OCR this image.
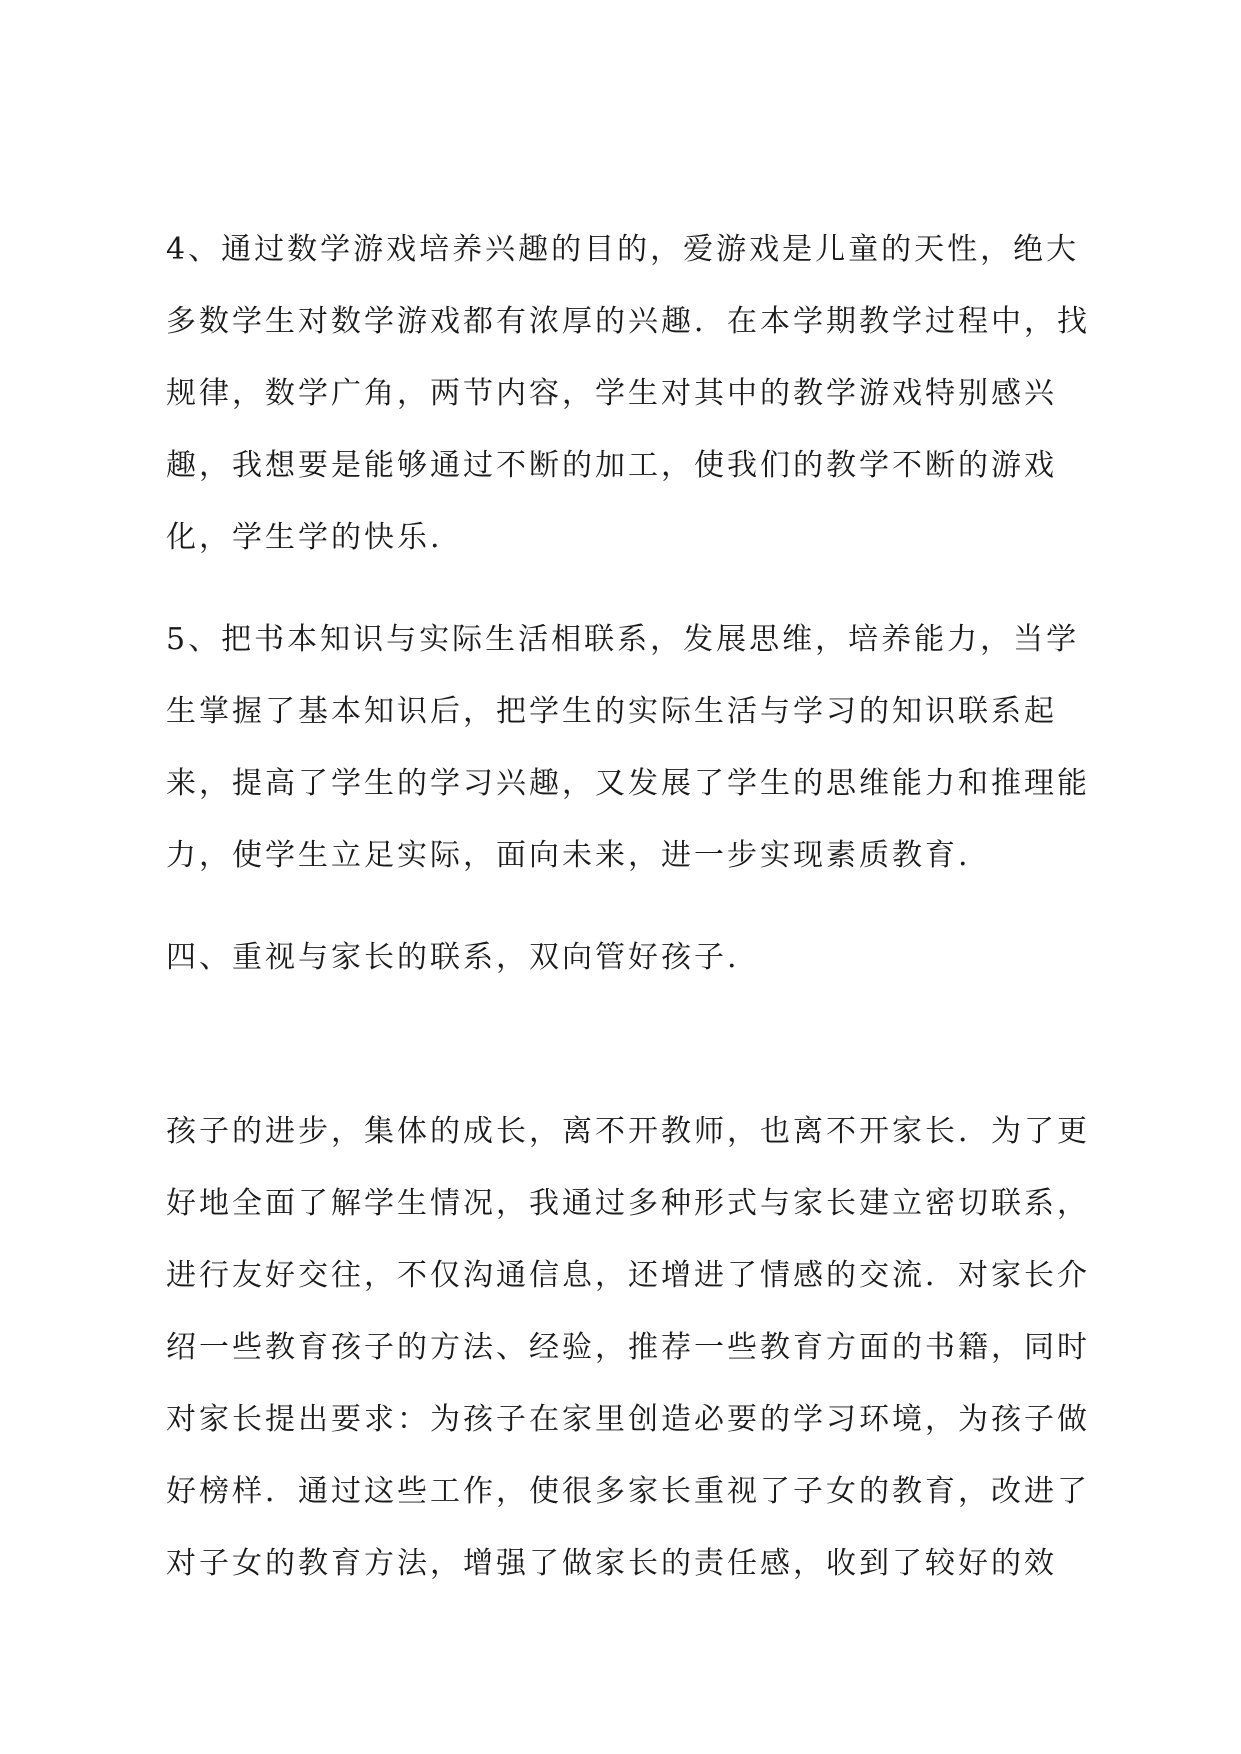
4、通过数学游戏培养兴趣的目的，爱游戏是儿童的天性，绝大
多数学生对数学游戏都有浓厚的兴趣．在本学期教学过程中，找
规律，数学广角，两节内容，学生对其中的教学游戏特别感兴
趣，我想要是能够通过不断的加工，使我们的教学不断的游戏
化，学生学的快乐.
5、把书本知识与实际生活相联系，发展思维，培养能力，当学
生掌握了基本知识后，把学生的实际生活与学习的知识联系起
来，提高了学生的学习兴趣，又发展了学生的思维能力和推理能
力，使学生立足实际，面向未来，进一步实现素质教育.
四、重视与家长的联系，双向管好孩子.
孩子的进步，集体的成长，离不开教师，也离不开家长．为了更
好地全面了解学生情况，我通过多种形式与家长建立密切联系，
进行友好交往，不仅沟通信息，还增进了情感的交流．对家长介
绍一些教育孩子的方法、经验，推荐一些教育方面的书籍，同时
对家长提出要求：为孩子在家里创造必要的学习环境，为孩子做
好榜样．通过这些工作，使很多家长重视了子女的教育，改进了
对子女的教育方法，增强了做家长的责任感，收到了较好的效
